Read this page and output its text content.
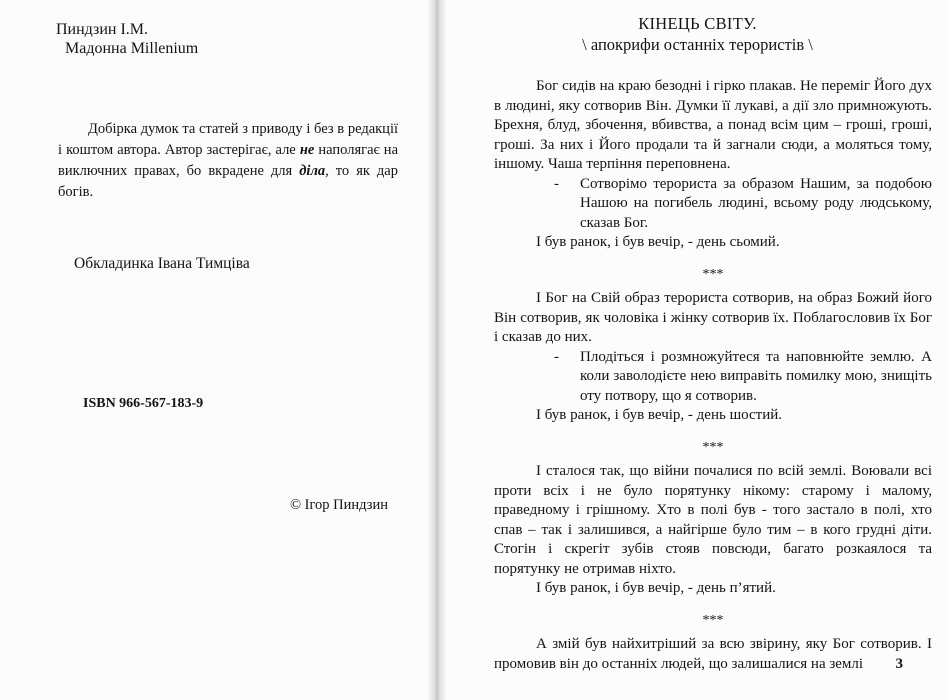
Пиндзин І.М.
Мадонна Millenium
Добірка думок та статей з приводу і без в редакції і коштом автора. Автор застерігає, але не наполягає на виключних правах, бо вкрадене для діла, то як дар богів.
Обкладинка Івана Тимціва
ISBN 966-567-183-9
© Ігор Пиндзин
КІНЕЦЬ СВІТУ.
\ апокрифи останніх терористів \

Бог сидів на краю безодні і гірко плакав. Не переміг Його дух в людині, яку сотворив Він. Думки її лукаві, а дії зло примножують. Брехня, блуд, збочення, вбивства, а понад всім цим – гроші, гроші, гроші. За них і Його продали та й загнали сюди, а моляться тому, іншому. Чаша терпіння переповнена.

- Сотворімо терориста за образом Нашим, за подобою Нашою на погибель людині, всьому роду людському, сказав Бог.

І був ранок, і був вечір, - день сьомий.

***

І Бог на Свій образ терориста сотворив, на образ Божий його Він сотворив, як чоловіка і жінку сотворив їх. Поблагословив їх Бог і сказав до них.

- Плодіться і розмножуйтеся та наповнюйте землю. А коли заволодієте нею виправіть помилку мою, знищіть оту потвору, що я сотворив.

І був ранок, і був вечір, - день шостий.

***

І сталося так, що війни почалися по всій землі. Воювали всі проти всіх і не було порятунку нікому: старому і малому, праведному і грішному. Хто в полі був - того застало в полі, хто спав – так і залишився, а найгірше було тим – в кого грудні діти. Стогін і скрегіт зубів стояв повсюди, багато розкаялося та порятунку не отримав ніхто.

І був ранок, і був вечір, - день п’ятий.

***

А змій був найхитріший за всю звірину, яку Бог сотворив. І промовив він до останніх людей, що залишалися на землі	3
